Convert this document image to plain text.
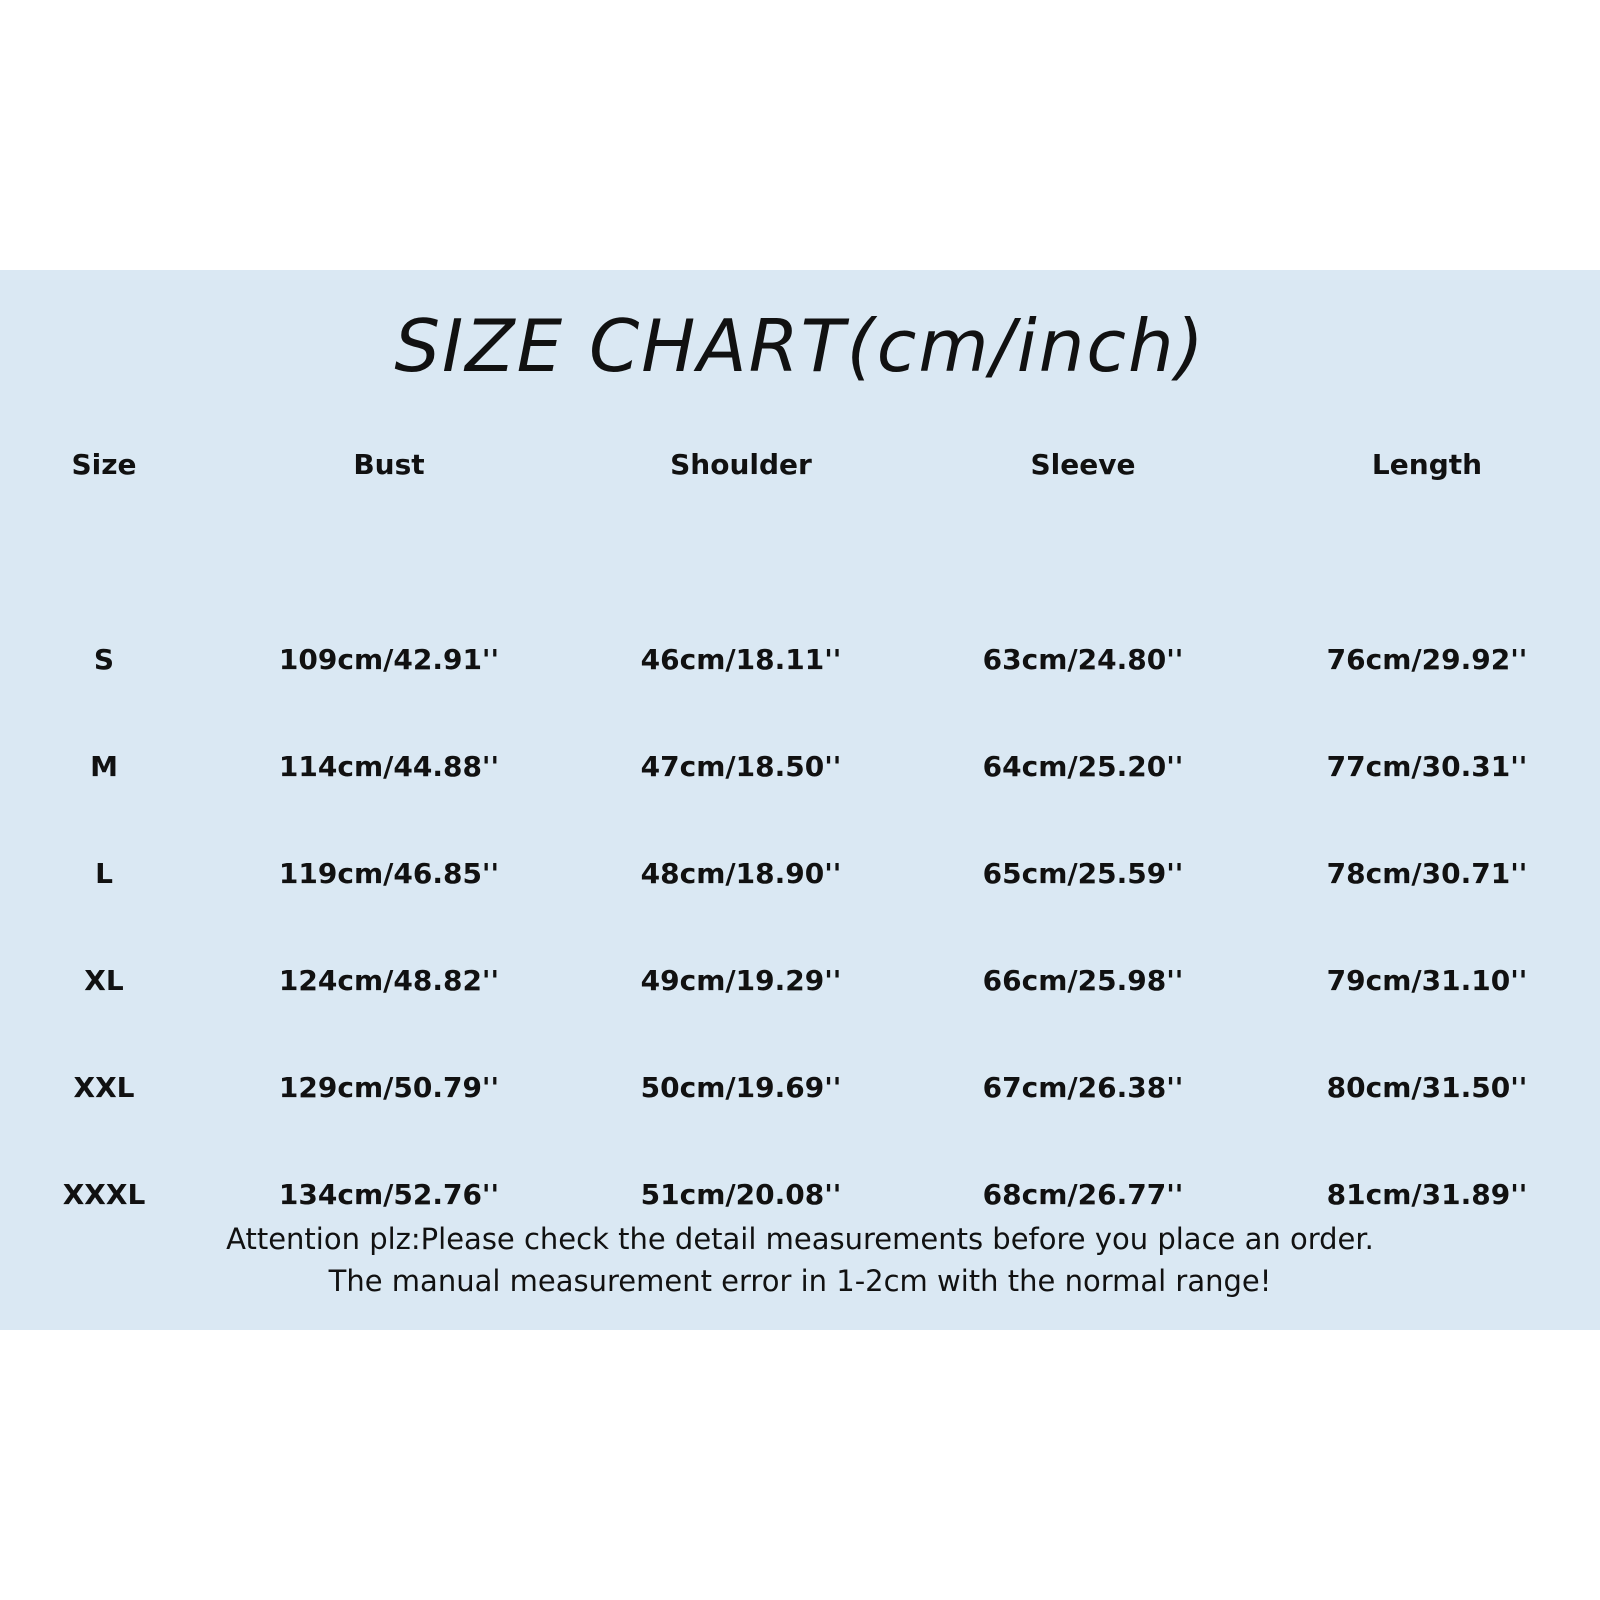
SIZE CHART(cm/inch)
Size	Bust	Shoulder	Sleeve	Length
S	109cm/42.91''	46cm/18.11''	63cm/24.80''	76cm/29.92''
M	114cm/44.88''	47cm/18.50''	64cm/25.20''	77cm/30.31''
L	119cm/46.85''	48cm/18.90''	65cm/25.59''	78cm/30.71''
XL	124cm/48.82''	49cm/19.29''	66cm/25.98''	79cm/31.10''
XXL	129cm/50.79''	50cm/19.69''	67cm/26.38''	80cm/31.50''
XXXL	134cm/52.76''	51cm/20.08''	68cm/26.77''	81cm/31.89''
Attention plz:Please check the detail measurements before you place an order.
The manual measurement error in 1-2cm with the normal range!
